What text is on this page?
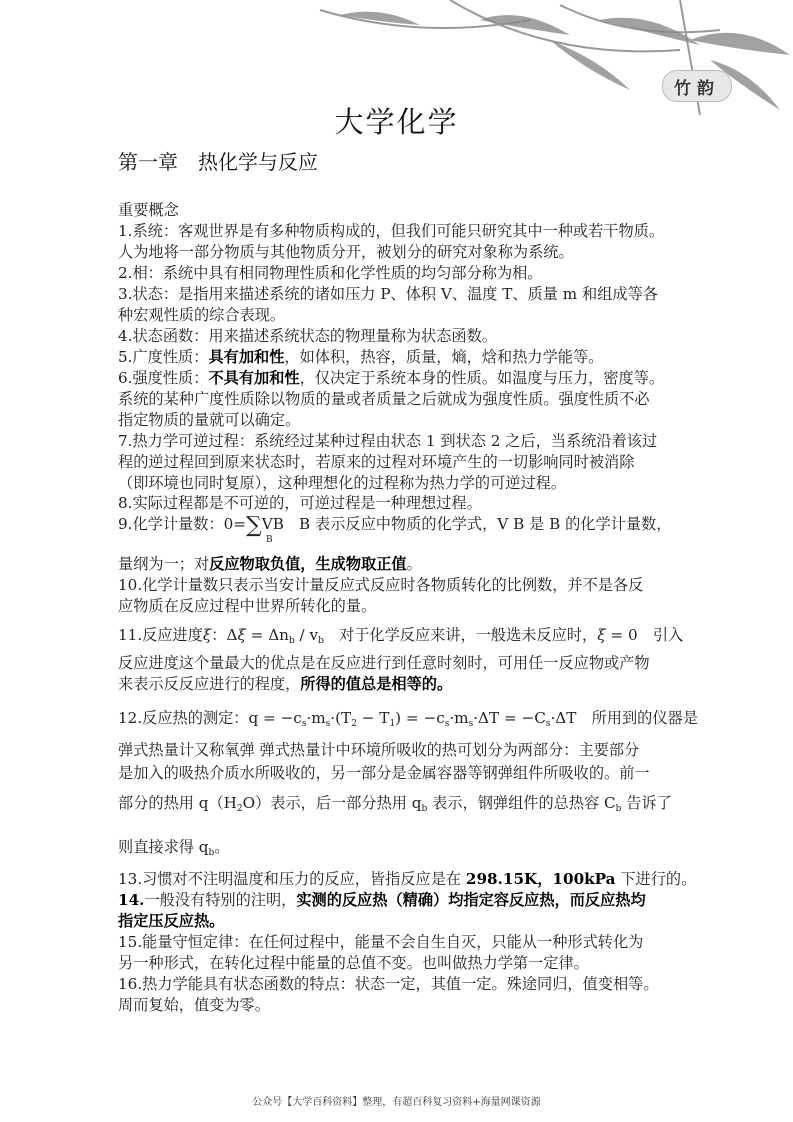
竹韵
大学化学
第一章　热化学与反应
重要概念
1.系统：客观世界是有多种物质构成的，但我们可能只研究其中一种或若干物质。
人为地将一部分物质与其他物质分开，被划分的研究对象称为系统。
2.相：系统中具有相同物理性质和化学性质的均匀部分称为相。
3.状态：是指用来描述系统的诸如压力 P、体积 V、温度 T、质量 m 和组成等各
种宏观性质的综合表现。
4.状态函数：用来描述系统状态的物理量称为状态函数。
5.广度性质：具有加和性，如体积，热容，质量，熵，焓和热力学能等。
6.强度性质：不具有加和性，仅决定于系统本身的性质。如温度与压力，密度等。
系统的某种广度性质除以物质的量或者质量之后就成为强度性质。强度性质不必
指定物质的量就可以确定。
7.热力学可逆过程：系统经过某种过程由状态 1 到状态 2 之后，当系统沿着该过
程的逆过程回到原来状态时，若原来的过程对环境产生的一切影响同时被消除
（即环境也同时复原），这种理想化的过程称为热力学的可逆过程。
8.实际过程都是不可逆的，可逆过程是一种理想过程。
9.化学计量数：0=∑VB　B 表示反应中物质的化学式，V B 是 B 的化学计量数，
量纲为一；对反应物取负值，生成物取正值。
10.化学计量数只表示当安计量反应式反应时各物质转化的比例数，并不是各反
应物质在反应过程中世界所转化的量。
11.反应进度ξ：$\Delta\xi = \Delta n_b / v_b$　对于化学反应来讲，一般选未反应时，ξ = 0　引入
反应进度这个量最大的优点是在反应进行到任意时刻时，可用任一反应物或产物
来表示反反应进行的程度，所得的值总是相等的。
12.反应热的测定：$q = -c_s\cdot m_s\cdot(T_2 - T_1) = -c_s\cdot m_s\cdot\Delta T = -C_s\cdot\Delta T$　所用到的仪器是
弹式热量计又称氧弹 弹式热量计中环境所吸收的热可划分为两部分：主要部分
是加入的吸热介质水所吸收的，另一部分是金属容器等钢弹组件所吸收的。前一
部分的热用 $q(H_2O)$表示，后一部分热用 $q_b$ 表示，钢弹组件的总热容 $C_b$ 告诉了
则直接求得 $q_b$。
13.习惯对不注明温度和压力的反应，皆指反应是在 298.15K，100kPa 下进行的。
14.一般没有特别的注明，实测的反应热（精确）均指定容反应热，而反应热均
指定压反应热。
15.能量守恒定律：在任何过程中，能量不会自生自灭，只能从一种形式转化为
另一种形式，在转化过程中能量的总值不变。也叫做热力学第一定律。
16.热力学能具有状态函数的特点：状态一定，其值一定。殊途同归，值变相等。
周而复始，值变为零。
B
公众号【大学百科资料】整理，有超百科复习资料+海量网课资源
